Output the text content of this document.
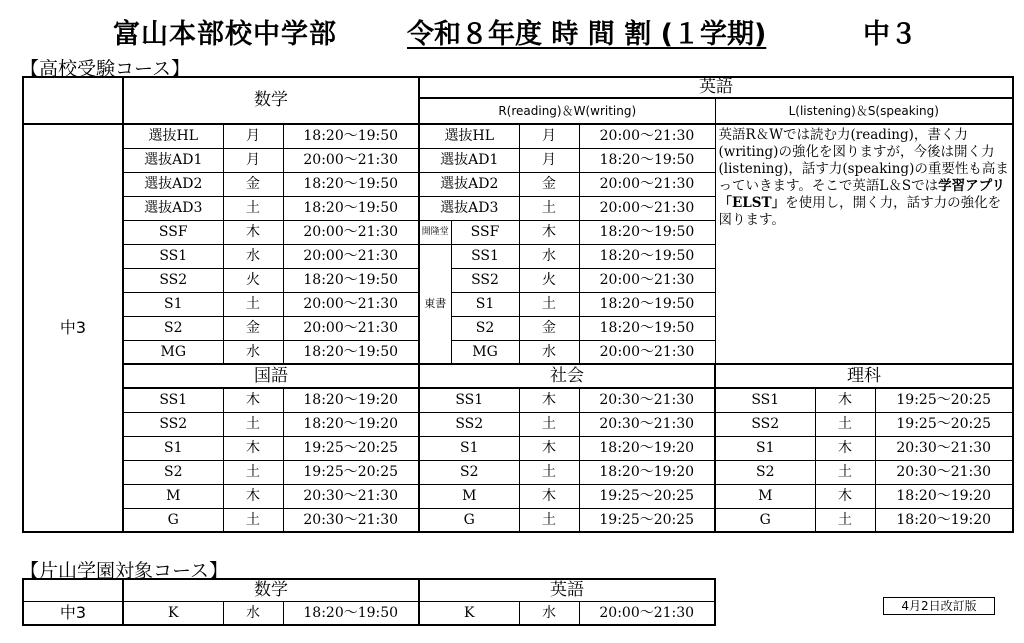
富山本部校中学部	令和８年度 時 間 割 (１学期)	中３
【高校受験コース】
	数学			英語						
				R(reading)＆W(writing)				L(listening)＆S(speaking)		
中3	選抜HL	月	18:20～19:50	選抜HL		月	20:00～21:30	英語R＆Wでは読む力(reading)，書く力(writing)の強化を図りますが，今後は開く力(listening)，話す力(speaking)の重要性も高まっていきます。そこで英語L＆Sでは学習アプリ「ELST」を使用し，開く力，話す力の強化を図ります。		
	選抜AD1	月	20:00～21:30	選抜AD1		月	18:20～19:50			
	選抜AD2	金	18:20～19:50	選抜AD2		金	20:00～21:30			
	選抜AD3	土	18:20～19:50	選抜AD3		土	20:00～21:30			
	SSF	木	20:00～21:30	開隆堂	SSF	木	18:20～19:50			
	SS1	水	20:00～21:30	東書	SS1	水	18:20～19:50			
	SS2	火	18:20～19:50		SS2	火	20:00～21:30			
	S1	土	20:00～21:30		S1	土	18:20～19:50			
	S2	金	20:00～21:30		S2	金	18:20～19:50			
	MG	水	18:20～19:50		MG	水	20:00～21:30			
	国語			社会				理科		
	SS1	木	18:20～19:20	SS1		木	20:30～21:30	SS1	木	19:25～20:25
	SS2	土	18:20～19:20	SS2		土	20:30～21:30	SS2	土	19:25～20:25
	S1	木	19:25～20:25	S1		木	18:20～19:20	S1	木	20:30～21:30
	S2	土	19:25～20:25	S2		土	18:20～19:20	S2	土	20:30～21:30
	M	木	20:30～21:30	M		木	19:25～20:25	M	木	18:20～19:20
	G	土	20:30～21:30	G		土	19:25～20:25	G	土	18:20～19:20
【片山学園対象コース】
	数学			英語		
中3	K	水	18:20～19:50	K	水	20:00～21:30	4月2日改訂版
